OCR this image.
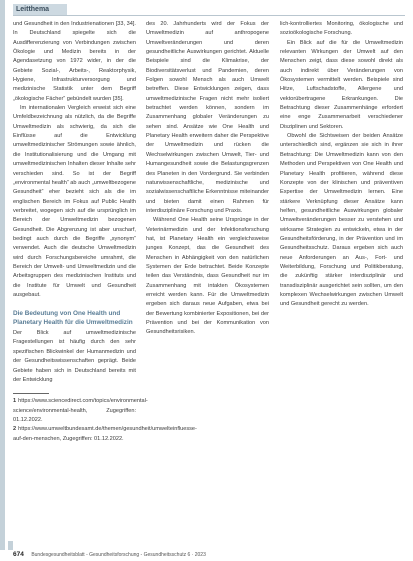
Leitthema

und Gesundheit in den Industrienationen [33, 34]. In Deutschland spiegelte sich die Ausdifferenzierung von Verbindungen zwischen Ökologie und Medizin bereits in der Agendasetzung von 1972 wider, in der die Gebiete Sozial-, Arbeits-, Reaktorphysik, Hygiene, Infrastrukturversorgung und medizinische Statistik unter dem Begriff „ökologische Fächer“ gebündelt wurden [35].

Im internationalen Vergleich erweist sich eine Umfeldbezeichnung als nützlich, da die Begriffe Umweltmedizin als schwierig, da sich die Einflüsse auf die Entwicklung umweltmedizinischer Strömungen sowie ähnlich, die Institutionalisierung und die Umgang mit umweltmedizinischen Inhalten dieser Inhalte sehr verschieden sind. So ist der Begriff „environmental health“ ab auch „umweltbezogene Gesundheit“ eher bezieht sich als die im englischen Bereich im Fokus auf Public Health verbreitet, wogegen sich auf die ursprünglich im Bereich der Umweltmedizin bezogenen Gesundheit. Die Abgrenzung ist aber unscharf, bedingt auch durch die Begriffe „synonym“ verwendet. Auch die deutsche Umweltmedizin wird durch Forschungsbereiche umrahmt, die Bereich der Umwelt- und Umweltmedizin und die Arbeitsgruppen des medizinischen Instituts und die Institute für Umwelt und Gesundheit ausgebaut.

Die Bedeutung von One Health und Planetary Health für die Umweltmedizin

Der Blick auf umweltmedizinische Fragestellungen ist häufig durch den sehr spezifischen Blickwinkel der Humanmedizin und der Gesundheitswissenschaften geprägt. Beide Gebiete haben sich in Deutschland bereits mit der Entwicklung

1 https://www.sciencedirect.com/topics/environmental-science/environmental-health, Zugegriffen: 01.12.2022.

2 https://www.umweltbundesamt.de/themen/gesundheit/umwelteinfluesse-auf-den-menschen, Zugegriffen: 01.12.2022.

des 20. Jahrhunderts wird der Fokus der Umweltmedizin auf anthropogene Umweltveränderungen und deren gesundheitliche Auswirkungen gerichtet. Aktuelle Beispiele sind die Klimakrise, der Biodiversitätsverlust und Pandemien, deren Folgen sowohl Mensch als auch Umwelt betreffen. Diese Entwicklungen zeigen, dass umweltmedizinische Fragen nicht mehr isoliert betrachtet werden können, sondern im Zusammenhang globaler Veränderungen zu sehen sind. Ansätze wie One Health und Planetary Health erweitern daher die Perspektive der Umweltmedizin und rücken die Wechselwirkungen zwischen Umwelt, Tier- und Humangesundheit sowie die Belastungsgrenzen des Planeten in den Vordergrund. Sie verbinden naturwissenschaftliche, medizinische und sozialwissenschaftliche Erkenntnisse miteinander und bieten damit einen Rahmen für interdisziplinäre Forschung und Praxis.

Während One Health seine Ursprünge in der Veterinärmedizin und der Infektionsforschung hat, ist Planetary Health ein vergleichsweise junges Konzept, das die Gesundheit des Menschen in Abhängigkeit von den natürlichen Systemen der Erde betrachtet. Beide Konzepte teilen das Verständnis, dass Gesundheit nur im Zusammenhang mit intakten Ökosystemen erreicht werden kann. Für die Umweltmedizin ergeben sich daraus neue Aufgaben, etwa bei der Bewertung kombinierter Expositionen, bei der Prävention und bei der Kommunikation von Gesundheitsrisiken.

lich-kontrolliertes Monitoring, ökologische und sozioökologische Forschung.

Ein Blick auf die für die Umweltmedizin relevanten Wirkungen der Umwelt auf den Menschen zeigt, dass diese sowohl direkt als auch indirekt über Veränderungen von Ökosystemen vermittelt werden. Beispiele sind Hitze, Luftschadstoffe, Allergene und vektorübertragene Erkrankungen. Die Betrachtung dieser Zusammenhänge erfordert eine enge Zusammenarbeit verschiedener Disziplinen und Sektoren.

Obwohl die Sichtweisen der beiden Ansätze unterschiedlich sind, ergänzen sie sich in ihrer Betrachtung: Die Umweltmedizin kann von den Methoden und Perspektiven von One Health und Planetary Health profitieren, während diese Konzepte von der klinischen und präventiven Expertise der Umweltmedizin lernen. Eine stärkere Verknüpfung dieser Ansätze kann helfen, gesundheitliche Auswirkungen globaler Umweltveränderungen besser zu verstehen und wirksame Strategien zu entwickeln, etwa in der Gesundheitsförderung, in der Prävention und im Gesundheitsschutz. Daraus ergeben sich auch neue Anforderungen an Aus-, Fort- und Weiterbildung, Forschung und Politikberatung, die zukünftig stärker interdisziplinär und transdisziplinär ausgerichtet sein sollten, um den komplexen Wechselwirkungen zwischen Umwelt und Gesundheit gerecht zu werden.

674 Bundesgesundheitsblatt - Gesundheitsforschung - Gesundheitsschutz 6 · 2023
